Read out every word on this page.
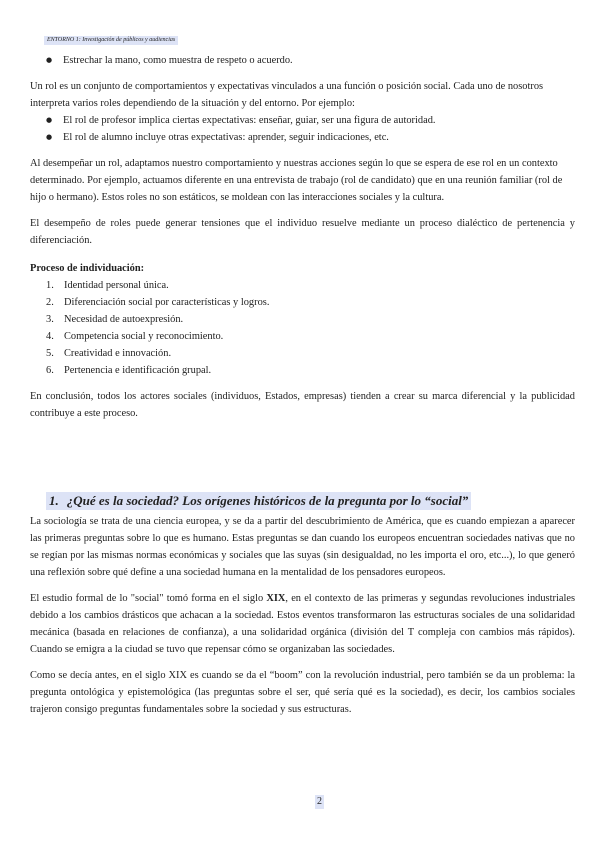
ENTORNO 1: Investigación de públicos y audiencias
● Estrechar la mano, como muestra de respeto o acuerdo.

Un rol es un conjunto de comportamientos y expectativas vinculados a una función o posición social. Cada uno de nosotros interpreta varios roles dependiendo de la situación y del entorno. Por ejemplo:

● El rol de profesor implica ciertas expectativas: enseñar, guiar, ser una figura de autoridad.
● El rol de alumno incluye otras expectativas: aprender, seguir indicaciones, etc.

Al desempeñar un rol, adaptamos nuestro comportamiento y nuestras acciones según lo que se espera de ese rol en un contexto determinado. Por ejemplo, actuamos diferente en una entrevista de trabajo (rol de candidato) que en una reunión familiar (rol de hijo o hermano). Estos roles no son estáticos, se moldean con las interacciones sociales y la cultura.

El desempeño de roles puede generar tensiones que el individuo resuelve mediante un proceso dialéctico de pertenencia y diferenciación.

Proceso de individuación:

1. Identidad personal única.
2. Diferenciación social por características y logros.
3. Necesidad de autoexpresión.
4. Competencia social y reconocimiento.
5. Creatividad e innovación.
6. Pertenencia e identificación grupal.

En conclusión, todos los actores sociales (individuos, Estados, empresas) tienden a crear su marca diferencial y la publicidad contribuye a este proceso.

1. ¿Qué es la sociedad? Los orígenes históricos de la pregunta por lo “social”

La sociología se trata de una ciencia europea, y se da a partir del descubrimiento de América, que es cuando empiezan a aparecer las primeras preguntas sobre lo que es humano. Estas preguntas se dan cuando los europeos encuentran sociedades nativas que no se regían por las mismas normas económicas y sociales que las suyas (sin desigualdad, no les importa el oro, etc...), lo que generó una reflexión sobre qué define a una sociedad humana en la mentalidad de los pensadores europeos.

El estudio formal de lo "social" tomó forma en el siglo XIX, en el contexto de las primeras y segundas revoluciones industriales debido a los cambios drásticos que achacan a la sociedad. Estos eventos transformaron las estructuras sociales de una solidaridad mecánica (basada en relaciones de confianza), a una solidaridad orgánica (división del T compleja con cambios más rápidos). Cuando se emigra a la ciudad se tuvo que repensar cómo se organizaban las sociedades.

Como se decía antes, en el siglo XIX es cuando se da el “boom” con la revolución industrial, pero también se da un problema: la pregunta ontológica y epistemológica (las preguntas sobre el ser, qué sería qué es la sociedad), es decir, los cambios sociales trajeron consigo preguntas fundamentales sobre la sociedad y sus estructuras.

2
